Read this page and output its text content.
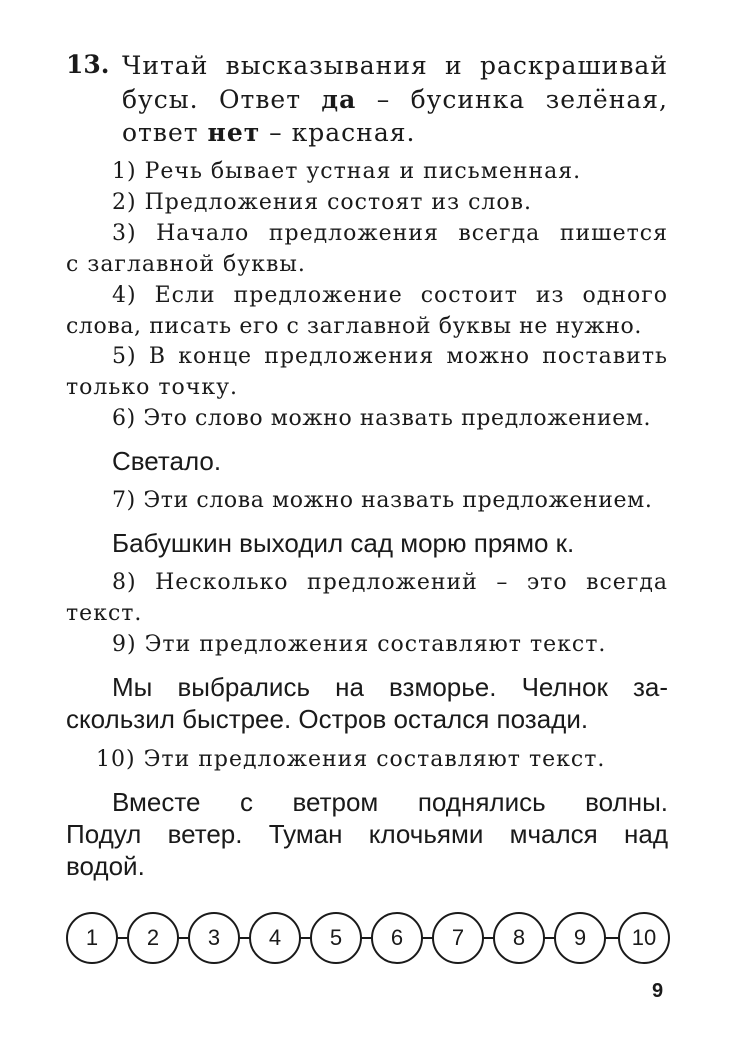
13. Читай высказывания и раскрашивай
бусы. Ответ да – бусинка зелёная,
ответ нет – красная.
1) Речь бывает устная и письменная.
2) Предложения состоят из слов.
3) Начало предложения всегда пишется
с заглавной буквы.
4) Если предложение состоит из одного
слова, писать его с заглавной буквы не нужно.
5) В конце предложения можно поставить
только точку.
6) Это слово можно назвать предложением.
Светало.
7) Эти слова можно назвать предложением.
Бабушкин выходил сад морю прямо к.
8) Несколько предложений – это всегда
текст.
9) Эти предложения составляют текст.
Мы выбрались на взморье. Челнок за-
скользил быстрее. Остров остался позади.
10) Эти предложения составляют текст.
Вместе с ветром поднялись волны.
Подул ветер. Туман клочьями мчался над
водой.
1	2	3	4	5	6	7	8	9	10
9
